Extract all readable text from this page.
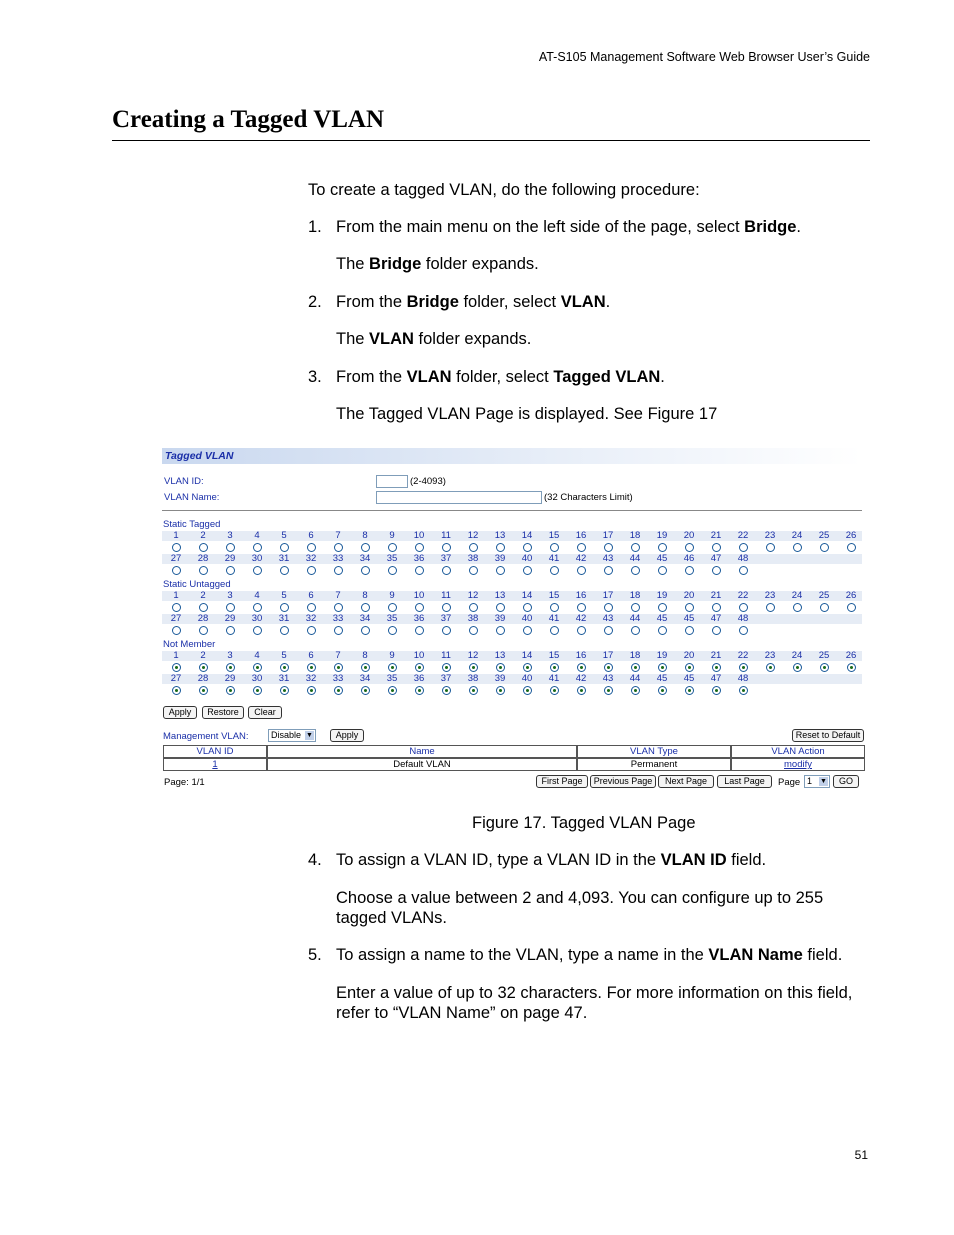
AT-S105 Management Software Web Browser User’s Guide
Creating a Tagged VLAN
To create a tagged VLAN, do the following procedure:
1. From the main menu on the left side of the page, select Bridge.
The Bridge folder expands.
2. From the Bridge folder, select VLAN.
The VLAN folder expands.
3. From the VLAN folder, select Tagged VLAN.
The Tagged VLAN Page is displayed. See Figure 17
Tagged VLAN
VLAN ID:	(2-4093)
VLAN Name:	(32 Characters Limit)
Static Tagged
1	2	3	4	5	6	7	8	9	10	11	12	13	14	15	16	17	18	19	20	21	22	23	24	25	26
27	28	29	30	31	32	33	34	35	36	37	38	39	40	41	42	43	44	45	46	47	48
Static Untagged
1	2	3	4	5	6	7	8	9	10	11	12	13	14	15	16	17	18	19	20	21	22	23	24	25	26
27	28	29	30	31	32	33	34	35	36	37	38	39	40	41	42	43	44	45	45	47	48
Not Member
1	2	3	4	5	6	7	8	9	10	11	12	13	14	15	16	17	18	19	20	21	22	23	24	25	26
27	28	29	30	31	32	33	34	35	36	37	38	39	40	41	42	43	44	45	45	47	48
Apply	Restore	Clear
Management VLAN:	Disable ▼	Apply	Reset to Default
VLAN ID	Name	VLAN Type	VLAN Action
1	Default VLAN	Permanent	modify
Page: 1/1	First Page	Previous Page	Next Page	Last Page	Page 1 ▼	GO
Figure 17. Tagged VLAN Page
4. To assign a VLAN ID, type a VLAN ID in the VLAN ID field.
Choose a value between 2 and 4,093. You can configure up to 255
tagged VLANs.
5. To assign a name to the VLAN, type a name in the VLAN Name field.
Enter a value of up to 32 characters. For more information on this field,
refer to “VLAN Name” on page 47.
51
